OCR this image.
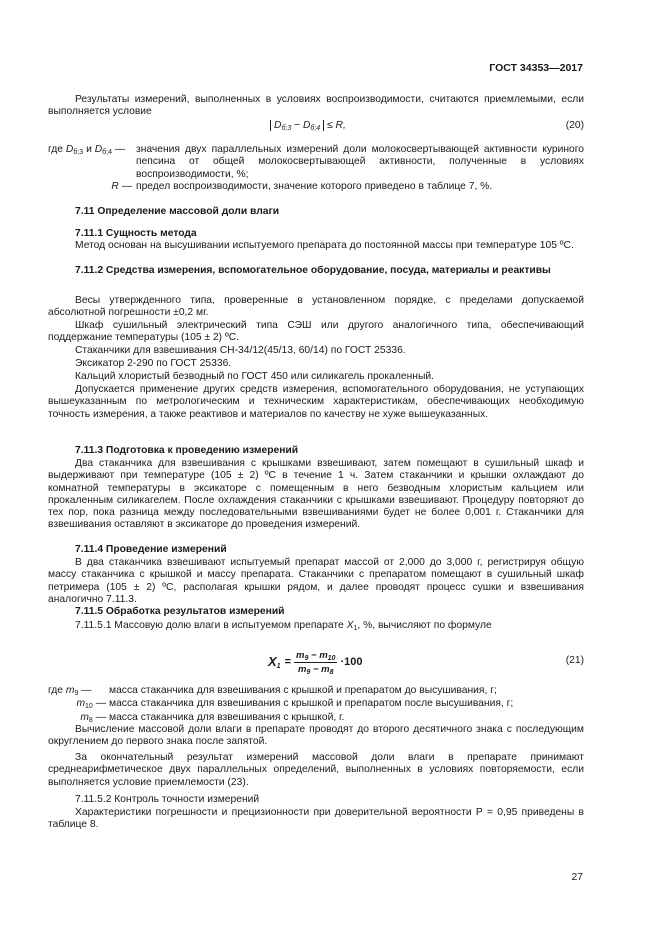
ГОСТ 34353—2017
Результаты измерений, выполненных в условиях воспроизводимости, считаются приемлемыми, если выполняется условие
$D_{б;3} - D_{б;4} \le R$,	(20)
где $D_{б;3}$ и $D_{б;4}$ —	значения двух параллельных измерений доли молокосвертывающей активности куриного пепсина от общей молокосвертывающей активности, полученные в условиях воспроизводимости, %;
R — предел воспроизводимости, значение которого приведено в таблице 7, %.
7.11 Определение массовой доли влаги
7.11.1 Сущность метода
Метод основан на высушивании испытуемого препарата до постоянной массы при температуре 105 ºС.
7.11.2 Средства измерения, вспомогательное оборудование, посуда, материалы и реактивы
Весы утвержденного типа, проверенные в установленном порядке, с пределами допускаемой абсолютной погрешности ±0,2 мг.
Шкаф сушильный электрический типа СЭШ или другого аналогичного типа, обеспечивающий поддержание температуры (105 ± 2) ºС.
Стаканчики для взвешивания СН-34/12(45/13, 60/14) по ГОСТ 25336.
Эксикатор 2-290 по ГОСТ 25336.
Кальций хлористый безводный по ГОСТ 450 или силикагель прокаленный.
Допускается применение других средств измерения, вспомогательного оборудования, не уступающих вышеуказанным по метрологическим и техническим характеристикам, обеспечивающих необходимую точность измерения, а также реактивов и материалов по качеству не хуже вышеуказанных.
7.11.3 Подготовка к проведению измерений
Два стаканчика для взвешивания с крышками взвешивают, затем помещают в сушильный шкаф и выдерживают при температуре (105 ± 2) ºС в течение 1 ч. Затем стаканчики и крышки охлаждают до комнатной температуры в эксикаторе с помещенным в него безводным хлористым кальцием или прокаленным силикагелем. После охлаждения стаканчики с крышками взвешивают. Процедуру повторяют до тех пор, пока разница между последовательными взвешиваниями будет не более 0,001 г. Стаканчики для взвешивания оставляют в эксикаторе до проведения измерений.
7.11.4 Проведение измерений
В два стаканчика взвешивают испытуемый препарат массой от 2,000 до 3,000 г, регистрируя общую массу стаканчика с крышкой и массу препарата. Стаканчики с препаратом помещают в сушильный шкаф петримера (105 ± 2) ºС, располагая крышки рядом, и далее проводят процесс сушки и взвешивания аналогично 7.11.3.
7.11.5 Обработка результатов измерений
7.11.5.1 Массовую долю влаги в испытуемом препарате $X_1$, %, вычисляют по формуле
$X_1 = \frac{m_9 - m_{10}}{m_9 - m_8} \cdot 100$	(21)
где $m_9$ —	масса стаканчика для взвешивания с крышкой и препаратом до высушивания, г;
$m_{10}$ — масса стаканчика для взвешивания с крышкой и препаратом после высушивания, г;
$m_8$ — масса стаканчика для взвешивания с крышкой, г.
Вычисление массовой доли влаги в препарате проводят до второго десятичного знака с последующим округлением до первого знака после запятой.
За окончательный результат измерений массовой доли влаги в препарате принимают среднеарифметическое двух параллельных определений, выполненных в условиях повторяемости, если выполняется условие приемлемости (23).
7.11.5.2 Контроль точности измерений
Характеристики погрешности и прецизионности при доверительной вероятности Р = 0,95 приведены в таблице 8.
27
